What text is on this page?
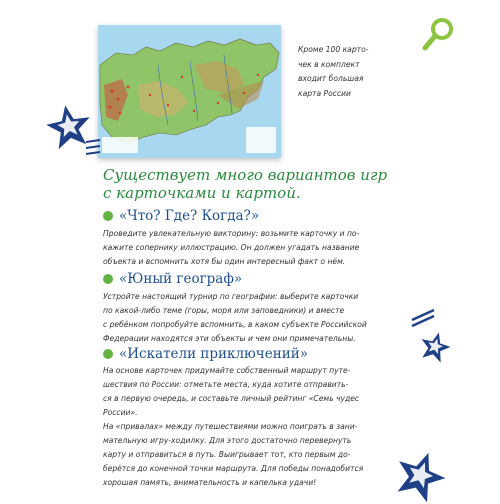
Кроме 100 карто-
чек в комплект
входит большая
карта России
Существует много вариантов игр
с карточками и картой.
«Что? Где? Когда?»
Проведите увлекательную викторину: возьмите карточку и по-
кажите сопернику иллюстрацию. Он должен угадать название
объекта и вспомнить хотя бы один интересный факт о нём.
«Юный географ»
Устройте настоящий турнир по географии: выберите карточки
по какой-либо теме (горы, моря или заповедники) и вместе
с ребёнком попробуйте вспомнить, в каком субъекте Российской
Федерации находятся эти объекты и чем они примечательны.
«Искатели приключений»
На основе карточек придумайте собственный маршрут путе-
шествия по России: отметьте места, куда хотите отправить-
ся в первую очередь, и составьте личный рейтинг «Семь чудес
России».
На «привалах» между путешествиями можно поиграть в зани-
мательную игру-ходилку. Для этого достаточно перевернуть
карту и отправиться в путь. Выигрывает тот, кто первым до-
берётся до конечной точки маршрута. Для победы понадобится
хорошая память, внимательность и капелька удачи!
